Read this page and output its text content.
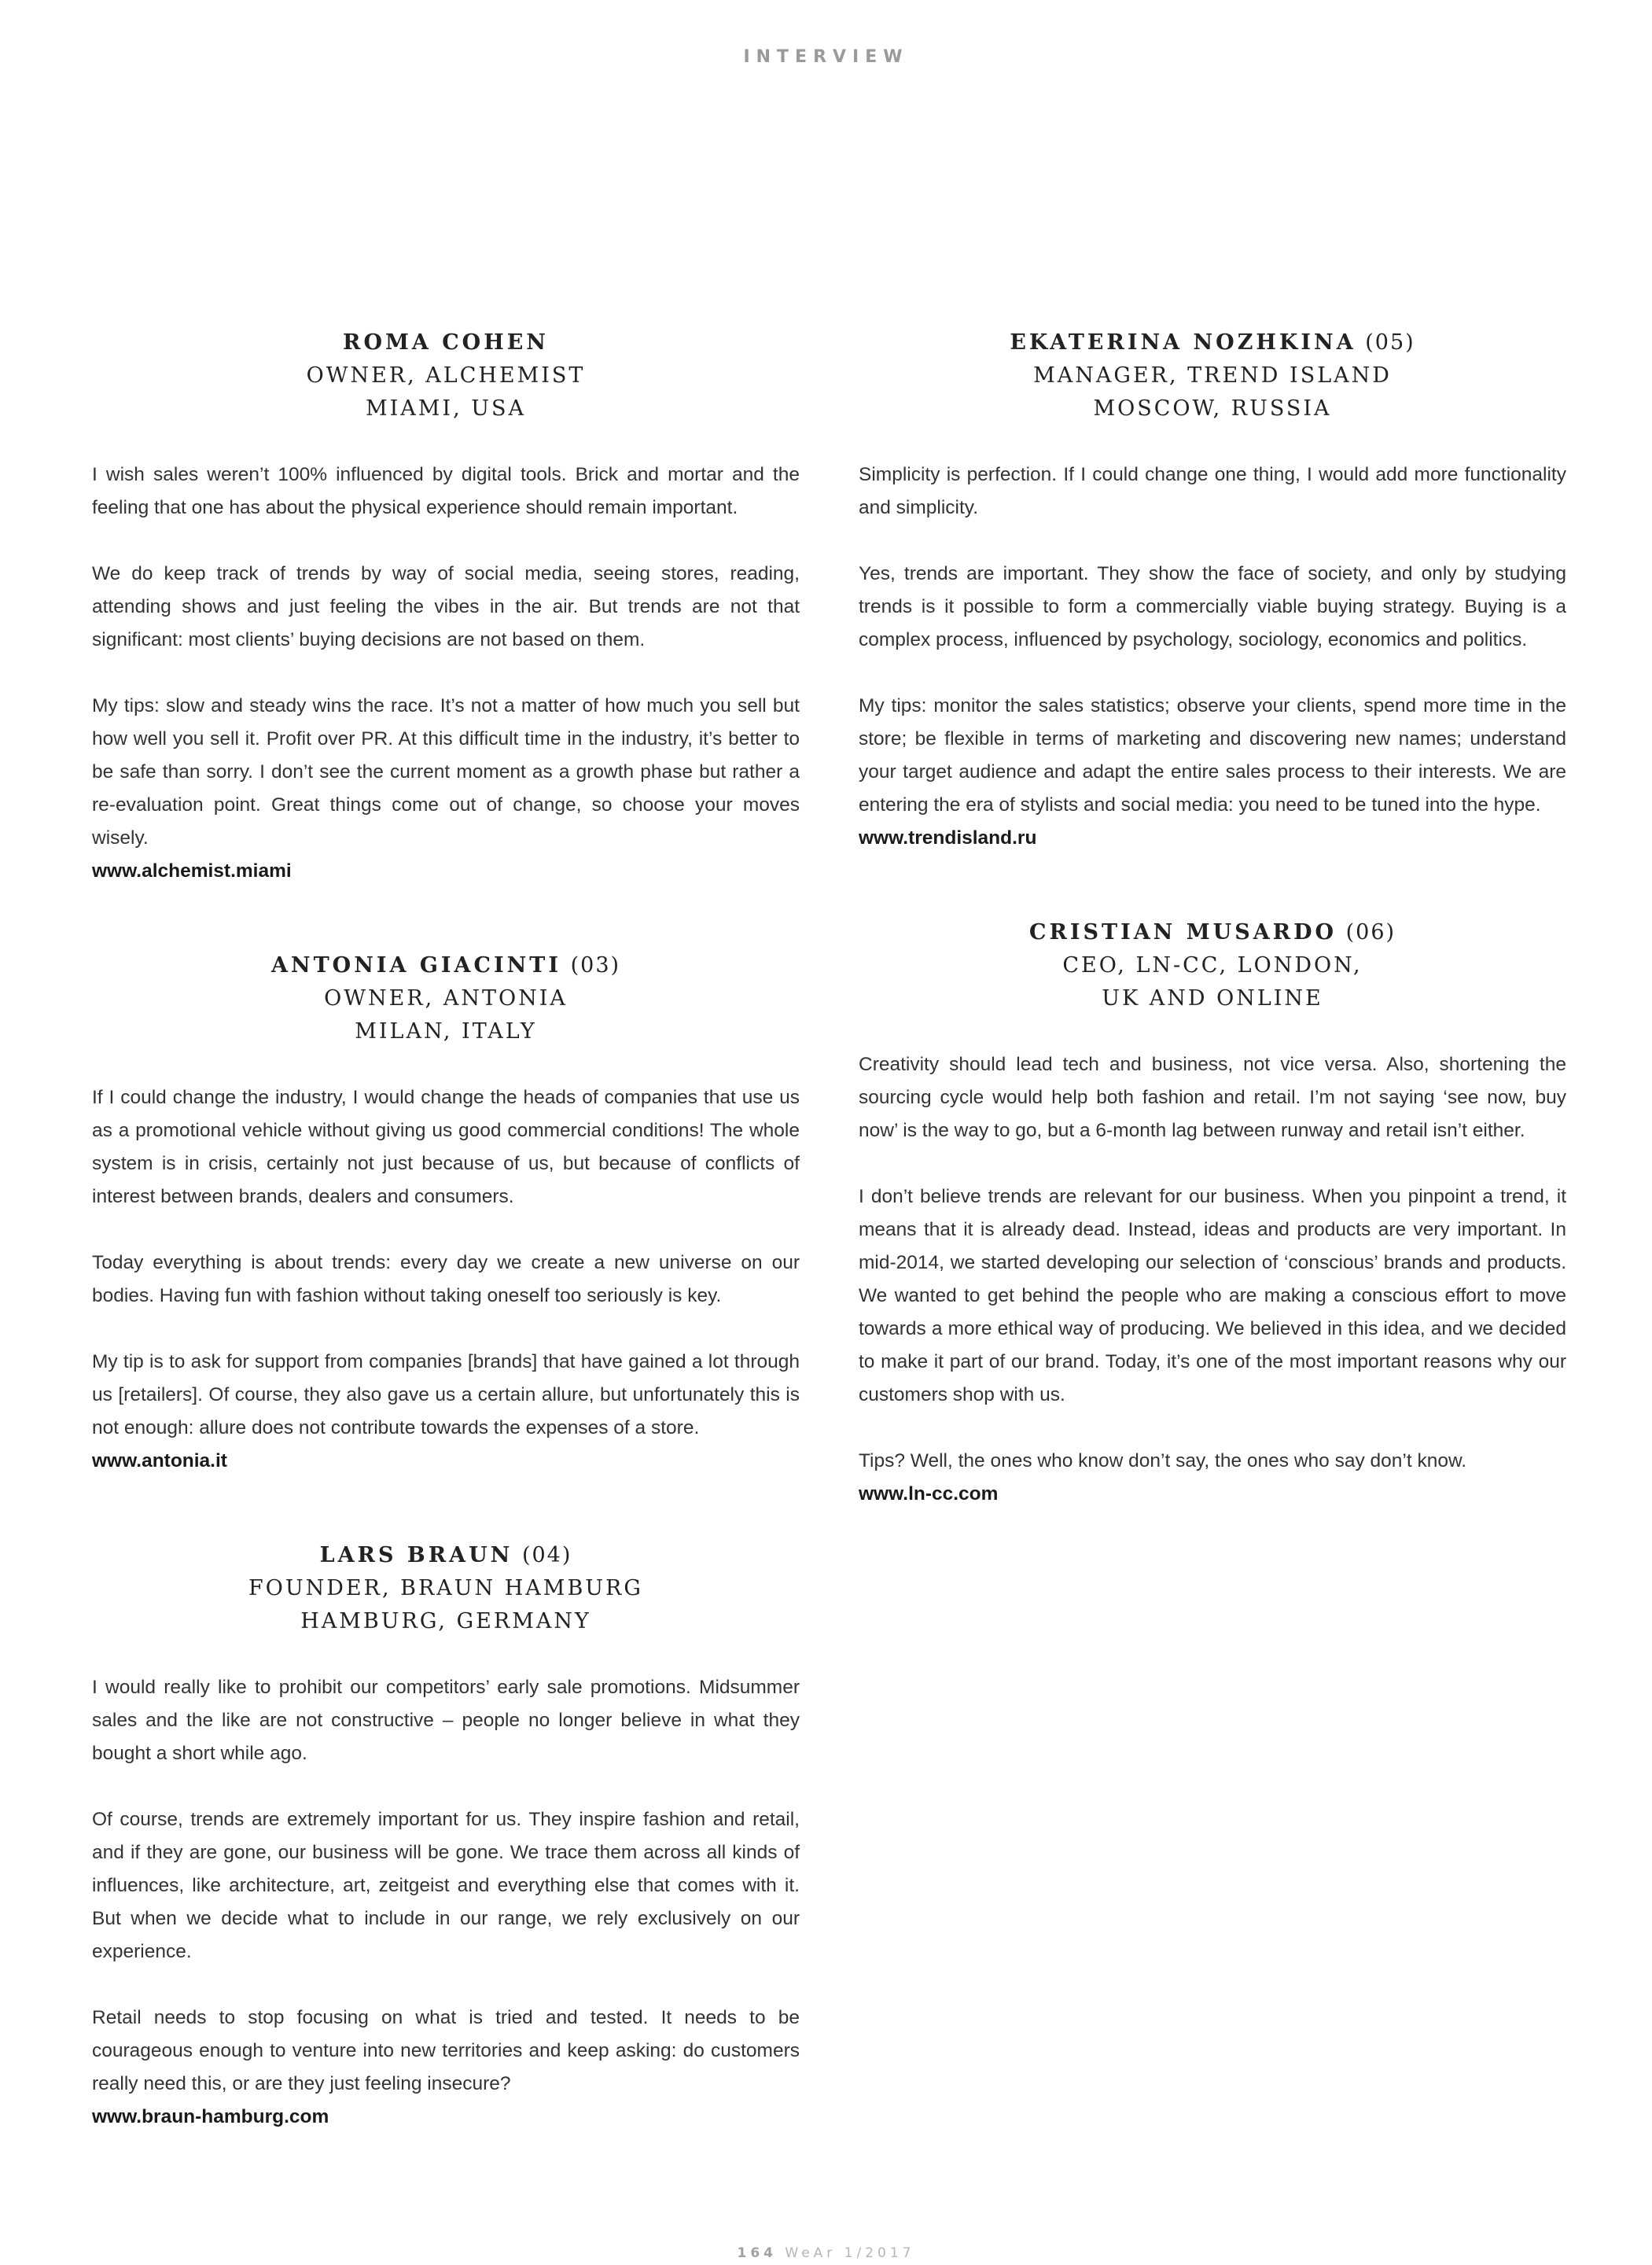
INTERVIEW
ROMA COHEN
OWNER, ALCHEMIST
MIAMI, USA

I wish sales weren’t 100% influenced by digital tools. Brick and mortar and the feeling that one has about the physical experience should remain important.

We do keep track of trends by way of social media, seeing stores, reading, attending shows and just feeling the vibes in the air. But trends are not that significant: most clients’ buying decisions are not based on them.

My tips: slow and steady wins the race. It’s not a matter of how much you sell but how well you sell it. Profit over PR. At this difficult time in the industry, it’s better to be safe than sorry. I don’t see the current moment as a growth phase but rather a re-evaluation point. Great things come out of change, so choose your moves wisely.

www.alchemist.miami
ANTONIA GIACINTI (03)
OWNER, ANTONIA
MILAN, ITALY

If I could change the industry, I would change the heads of companies that use us as a promotional vehicle without giving us good commercial conditions! The whole system is in crisis, certainly not just because of us, but because of conflicts of interest between brands, dealers and consumers.

Today everything is about trends: every day we create a new universe on our bodies. Having fun with fashion without taking oneself too seriously is key.

My tip is to ask for support from companies [brands] that have gained a lot through us [retailers]. Of course, they also gave us a certain allure, but unfortunately this is not enough: allure does not contribute towards the expenses of a store.

www.antonia.it
LARS BRAUN (04)
FOUNDER, BRAUN HAMBURG
HAMBURG, GERMANY

I would really like to prohibit our competitors’ early sale promotions. Midsummer sales and the like are not constructive – people no longer believe in what they bought a short while ago.

Of course, trends are extremely important for us. They inspire fashion and retail, and if they are gone, our business will be gone. We trace them across all kinds of influences, like architecture, art, zeitgeist and everything else that comes with it. But when we decide what to include in our range, we rely exclusively on our experience.

Retail needs to stop focusing on what is tried and tested. It needs to be courageous enough to venture into new territories and keep asking: do customers really need this, or are they just feeling insecure?

www.braun-hamburg.com
EKATERINA NOZHKINA (05)
MANAGER, TREND ISLAND
MOSCOW, RUSSIA

Simplicity is perfection. If I could change one thing, I would add more functionality and simplicity.

Yes, trends are important. They show the face of society, and only by studying trends is it possible to form a commercially viable buying strategy. Buying is a complex process, influenced by psychology, sociology, economics and politics.

My tips: monitor the sales statistics; observe your clients, spend more time in the store; be flexible in terms of marketing and discovering new names; understand your target audience and adapt the entire sales process to their interests. We are entering the era of stylists and social media: you need to be tuned into the hype.

www.trendisland.ru
CRISTIAN MUSARDO (06)
CEO, LN-CC, LONDON,
UK AND ONLINE

Creativity should lead tech and business, not vice versa. Also, shortening the sourcing cycle would help both fashion and retail. I’m not saying ‘see now, buy now’ is the way to go, but a 6-month lag between runway and retail isn’t either.

I don’t believe trends are relevant for our business. When you pinpoint a trend, it means that it is already dead. Instead, ideas and products are very important. In mid-2014, we started developing our selection of ‘conscious’ brands and products. We wanted to get behind the people who are making a conscious effort to move towards a more ethical way of producing. We believed in this idea, and we decided to make it part of our brand. Today, it’s one of the most important reasons why our customers shop with us.

Tips? Well, the ones who know don’t say, the ones who say don’t know.

www.ln-cc.com
164 WeAr 1/2017
